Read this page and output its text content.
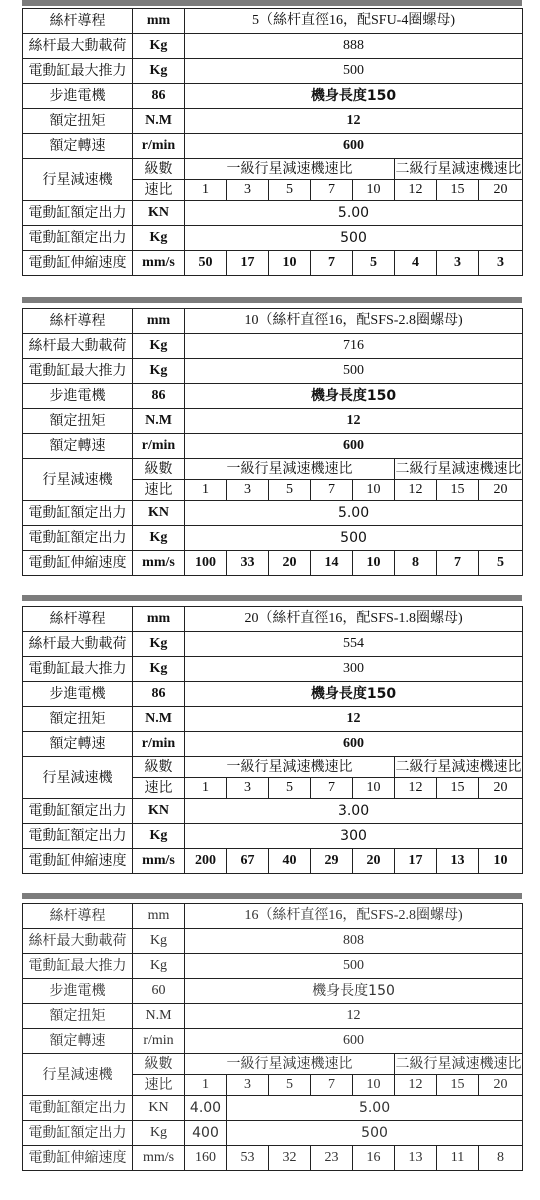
絲杆導程	mm	5（絲杆直徑16，配SFU-4圈螺母)							
絲杆最大動載荷	Kg	888							
電動缸最大推力	Kg	500							
步進電機	86	機身長度150							
額定扭矩	N.M	12							
額定轉速	r/min	600							
行星減速機	級數	一級行星減速機速比					二級行星減速機速比		
	速比	1	3	5	7	10	12	15	20
電動缸額定出力	KN	5.00							
電動缸額定出力	Kg	500							
電動缸伸縮速度	mm/s	50	17	10	7	5	4	3	3
絲杆導程	mm	10（絲杆直徑16，配SFS-2.8圈螺母)							
絲杆最大動載荷	Kg	716							
電動缸最大推力	Kg	500							
步進電機	86	機身長度150							
額定扭矩	N.M	12							
額定轉速	r/min	600							
行星減速機	級數	一級行星減速機速比					二級行星減速機速比		
	速比	1	3	5	7	10	12	15	20
電動缸額定出力	KN	5.00							
電動缸額定出力	Kg	500							
電動缸伸縮速度	mm/s	100	33	20	14	10	8	7	5
絲杆導程	mm	20（絲杆直徑16，配SFS-1.8圈螺母)							
絲杆最大動載荷	Kg	554							
電動缸最大推力	Kg	300							
步進電機	86	機身長度150							
額定扭矩	N.M	12							
額定轉速	r/min	600							
行星減速機	級數	一級行星減速機速比					二級行星減速機速比		
	速比	1	3	5	7	10	12	15	20
電動缸額定出力	KN	3.00							
電動缸額定出力	Kg	300							
電動缸伸縮速度	mm/s	200	67	40	29	20	17	13	10
絲杆導程	mm	16（絲杆直徑16，配SFS-2.8圈螺母)							
絲杆最大動載荷	Kg	808							
電動缸最大推力	Kg	500							
步進電機	60	機身長度150							
額定扭矩	N.M	12							
額定轉速	r/min	600							
行星減速機	級數	一級行星減速機速比					二級行星減速機速比		
	速比	1	3	5	7	10	12	15	20
電動缸額定出力	KN	4.00	5.00						
電動缸額定出力	Kg	400	500						
電動缸伸縮速度	mm/s	160	53	32	23	16	13	11	8
